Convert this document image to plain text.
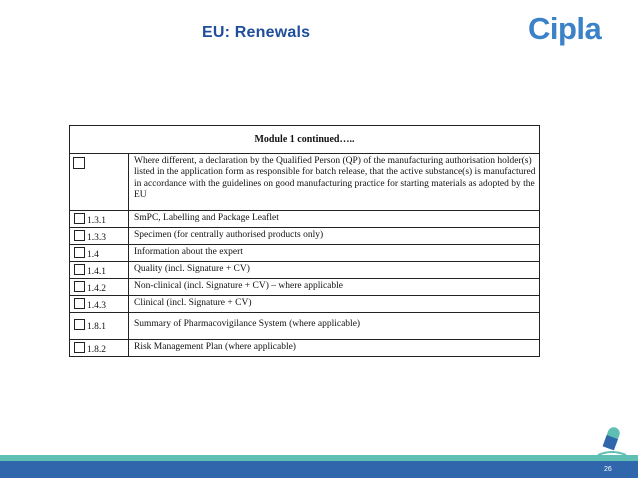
EU: Renewals	Cipla
Module 1 continued…..	
	Where different, a declaration by the Qualified Person (QP) of the manufacturing authorisation holder(s) listed in the application form as responsible for batch release, that the active substance(s) is manufactured in accordance with the guidelines on good manufacturing practice for starting materials as adopted by the EU
1.3.1	SmPC, Labelling and Package Leaflet
1.3.3	Specimen (for centrally authorised products only)
1.4	Information about the expert
1.4.1	Quality (incl. Signature + CV)
1.4.2	Non-clinical (incl. Signature + CV) – where applicable
1.4.3	Clinical (incl. Signature + CV)
1.8.1	Summary of Pharmacovigilance System (where applicable)
1.8.2	Risk Management Plan (where applicable)
26
